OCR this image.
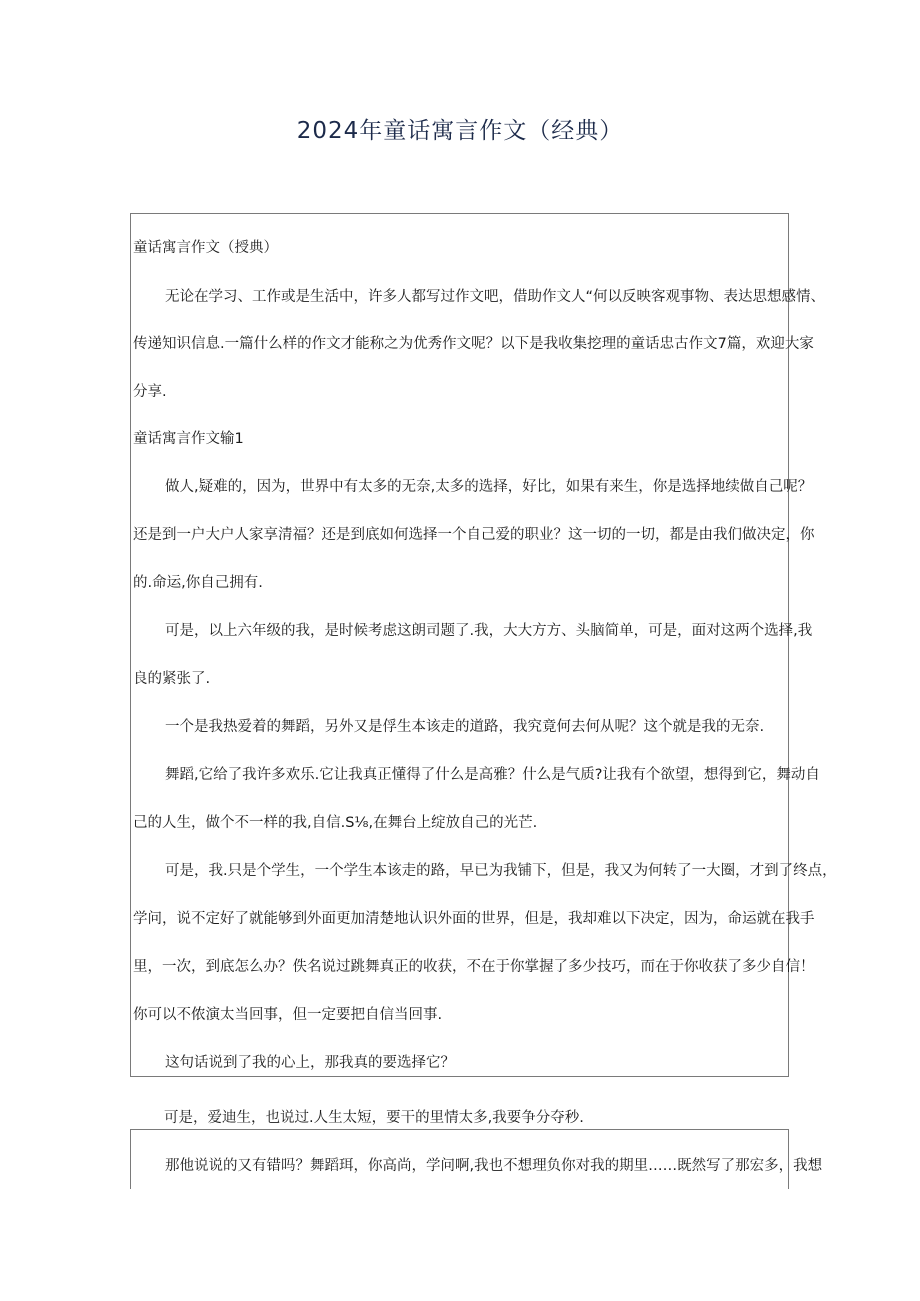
2024年童话寓言作文（经典）
童话寓言作文（授典）
无论在学习、工作或是生活中，许多人都写过作文吧，借助作文人“何以反映客观事物、表达思想感情、
传递知识信息.一篇什么样的作文才能称之为优秀作文呢？以下是我收集挖理的童话忠古作文7篇，欢迎大家
分享.
童话寓言作文输1
做人,疑难的，因为，世界中有太多的无奈,太多的选择，好比，如果有来生，你是选择地续做自己呢？
还是到一户大户人家享清福？还是到底如何选择一个自己爱的职业？这一切的一切，都是由我们做决定，你
的.命运,你自己拥有.
可是，以上六年级的我，是时候考虑这朗司题了.我，大大方方、头脑简单，可是，面对这两个选择,我
良的紧张了.
一个是我热爱着的舞蹈，另外又是俘生本该走的道路，我究竟何去何从呢？这个就是我的无奈.
舞蹈,它给了我许多欢乐.它让我真正懂得了什么是高雅？什么是气质?让我有个欲望，想得到它，舞动自
己的人生，做个不一样的我,自信.S⅛,在舞台上绽放自己的光芒.
可是，我.只是个学生，一个学生本该走的路，早已为我铺下，但是，我又为何转了一大圈，才到了终点，
学问，说不定好了就能够到外面更加清楚地认识外面的世界，但是，我却难以下决定，因为，命运就在我手
里，一次，到底怎么办？佚名说过跳舞真正的收获，不在于你掌握了多少技巧，而在于你收获了多少自信！
你可以不侬演太当回事，但一定要把自信当回事.
这句话说到了我的心上，那我真的要选择它？
可是，爱迪生，也说过.人生太短，要干的里情太多,我要争分夺秒.
那他说说的又有错吗？舞蹈珥，你高尚，学问啊,我也不想理负你对我的期里……既然写了那宏多，我想
